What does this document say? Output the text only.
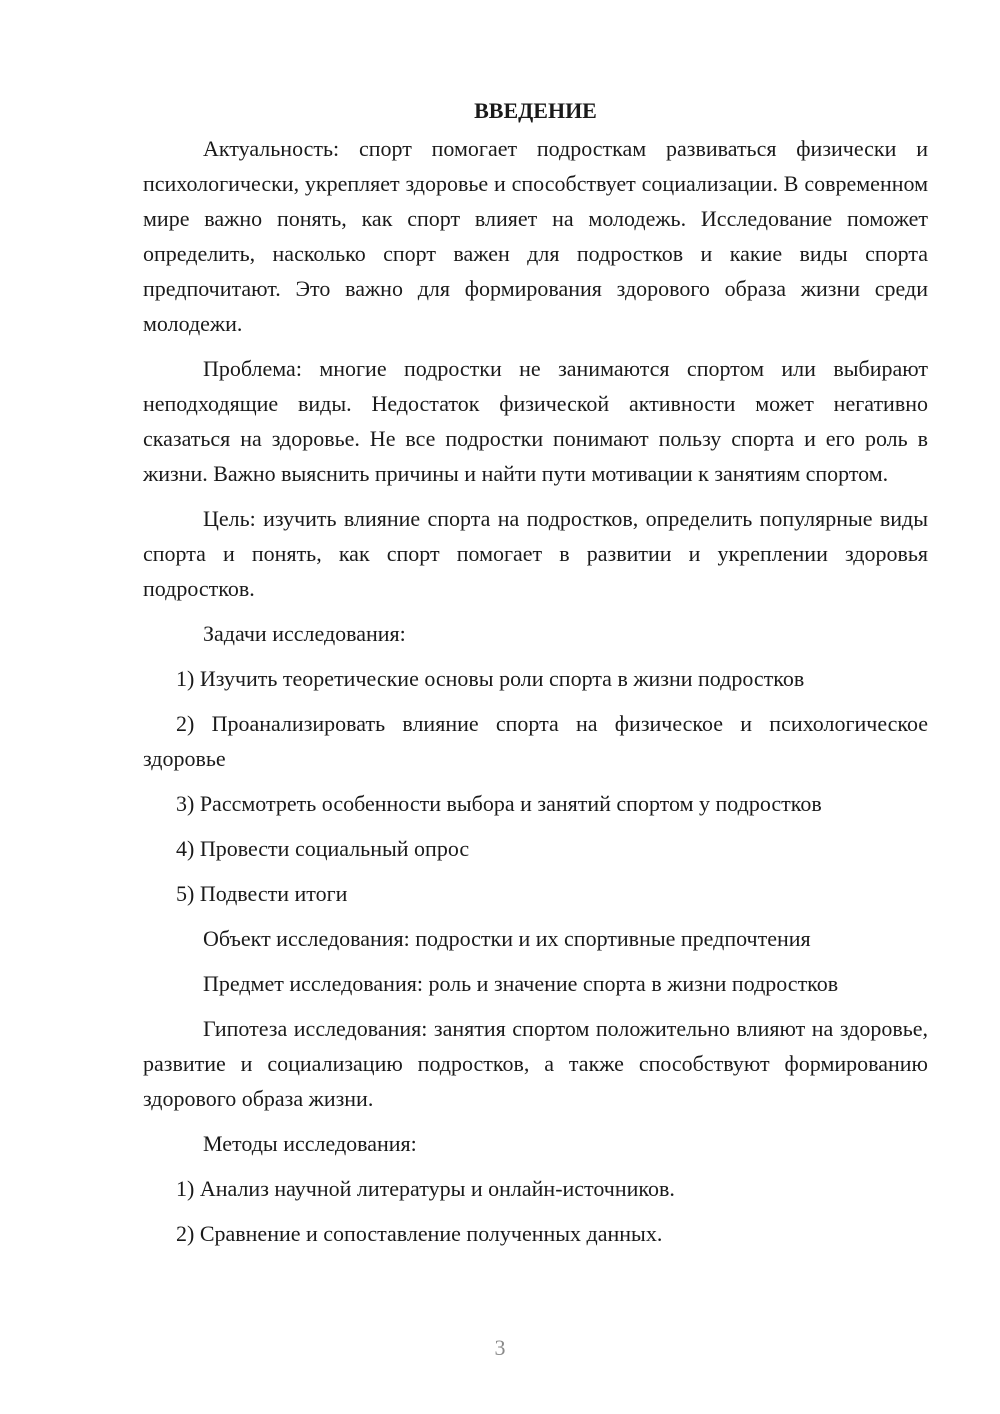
ВВЕДЕНИЕ

Актуальность: спорт помогает подросткам развиваться физически и психологически, укрепляет здоровье и способствует социализации. В современном мире важно понять, как спорт влияет на молодежь. Исследование поможет определить, насколько спорт важен для подростков и какие виды спорта предпочитают. Это важно для формирования здорового образа жизни среди молодежи.

Проблема: многие подростки не занимаются спортом или выбирают неподходящие виды. Недостаток физической активности может негативно сказаться на здоровье. Не все подростки понимают пользу спорта и его роль в жизни. Важно выяснить причины и найти пути мотивации к занятиям спортом.

Цель: изучить влияние спорта на подростков, определить популярные виды спорта и понять, как спорт помогает в развитии и укреплении здоровья подростков.

Задачи исследования:

1) Изучить теоретические основы роли спорта в жизни подростков

2) Проанализировать влияние спорта на физическое и психологическое здоровье

3) Рассмотреть особенности выбора и занятий спортом у подростков

4) Провести социальный опрос

5) Подвести итоги

Объект исследования: подростки и их спортивные предпочтения

Предмет исследования: роль и значение спорта в жизни подростков

Гипотеза исследования: занятия спортом положительно влияют на здоровье, развитие и социализацию подростков, а также способствуют формированию здорового образа жизни.

Методы исследования:

1) Анализ научной литературы и онлайн-источников.

2) Сравнение и сопоставление полученных данных.

3
